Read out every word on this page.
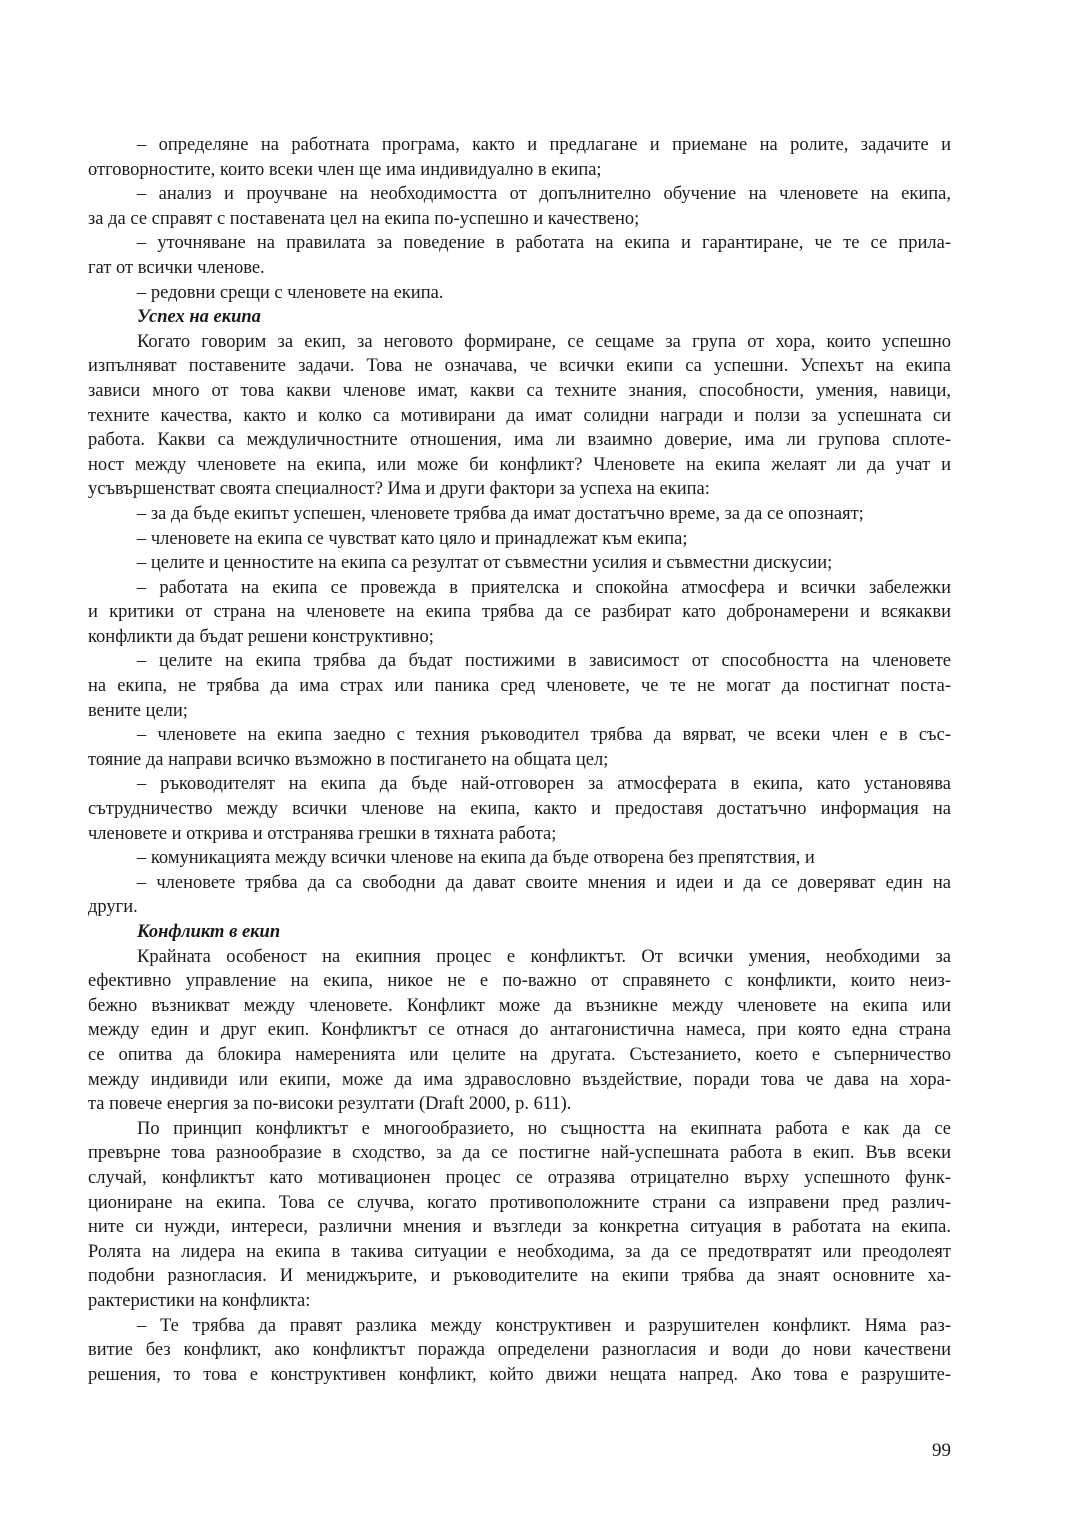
– определяне на работната програма, както и предлагане и приемане на ролите, задачите и
отговорностите, които всеки член ще има индивидуално в екипа;
– анализ и проучване на необходимостта от допълнително обучение на членовете на екипа,
за да се справят с поставената цел на екипа по-успешно и качествено;
– уточняване на правилата за поведение в работата на екипа и гарантиране, че те се прила-
гат от всички членове.
– редовни срещи с членовете на екипа.
Успех на екипа
Когато говорим за екип, за неговото формиране, се сещаме за група от хора, които успешно
изпълняват поставените задачи. Това не означава, че всички екипи са успешни. Успехът на екипа
зависи много от това какви членове имат, какви са техните знания, способности, умения, навици,
техните качества, както и колко са мотивирани да имат солидни награди и ползи за успешната си
работа. Какви са междуличностните отношения, има ли взаимно доверие, има ли групова сплоте-
ност между членовете на екипа, или може би конфликт? Членовете на екипа желаят ли да учат и
усъвършенстват своята специалност? Има и други фактори за успеха на екипа:
– за да бъде екипът успешен, членовете трябва да имат достатъчно време, за да се опознаят;
– членовете на екипа се чувстват като цяло и принадлежат към екипа;
– целите и ценностите на екипа са резултат от съвместни усилия и съвместни дискусии;
– работата на екипа се провежда в приятелска и спокойна атмосфера и всички забележки
и критики от страна на членовете на екипа трябва да се разбират като добронамерени и всякакви
конфликти да бъдат решени конструктивно;
– целите на екипа трябва да бъдат постижими в зависимост от способността на членовете
на екипа, не трябва да има страх или паника сред членовете, че те не могат да постигнат поста-
вените цели;
– членовете на екипа заедно с техния ръководител трябва да вярват, че всеки член е в със-
тояние да направи всичко възможно в постигането на общата цел;
– ръководителят на екипа да бъде най-отговорен за атмосферата в екипа, като установява
сътрудничество между всички членове на екипа, както и предоставя достатъчно информация на
членовете и открива и отстранява грешки в тяхната работа;
– комуникацията между всички членове на екипа да бъде отворена без препятствия, и
– членовете трябва да са свободни да дават своите мнения и идеи и да се доверяват един на
други.
Конфликт в екип
Крайната особеност на екипния процес е конфликтът. От всички умения, необходими за
ефективно управление на екипа, никое не е по-важно от справянето с конфликти, които неиз-
бежно възникват между членовете. Конфликт може да възникне между членовете на екипа или
между един и друг екип. Конфликтът се отнася до антагонистична намеса, при която една страна
се опитва да блокира намеренията или целите на другата. Състезанието, което е съперничество
между индивиди или екипи, може да има здравословно въздействие, поради това че дава на хора-
та повече енергия за по-високи резултати (Draft 2000, p. 611).
По принцип конфликтът е многообразието, но същността на екипната работа е как да се
превърне това разнообразие в сходство, за да се постигне най-успешната работа в екип. Във всеки
случай, конфликтът като мотивационен процес се отразява отрицателно върху успешното функ-
циониране на екипа. Това се случва, когато противоположните страни са изправени пред различ-
ните си нужди, интереси, различни мнения и възгледи за конкретна ситуация в работата на екипа.
Ролята на лидера на екипа в такива ситуации е необходима, за да се предотвратят или преодолеят
подобни разногласия. И мениджърите, и ръководителите на екипи трябва да знаят основните ха-
рактеристики на конфликта:
– Те трябва да правят разлика между конструктивен и разрушителен конфликт. Няма раз-
витие без конфликт, ако конфликтът поражда определени разногласия и води до нови качествени
решения, то това е конструктивен конфликт, който движи нещата напред. Ако това е разрушите-
99
